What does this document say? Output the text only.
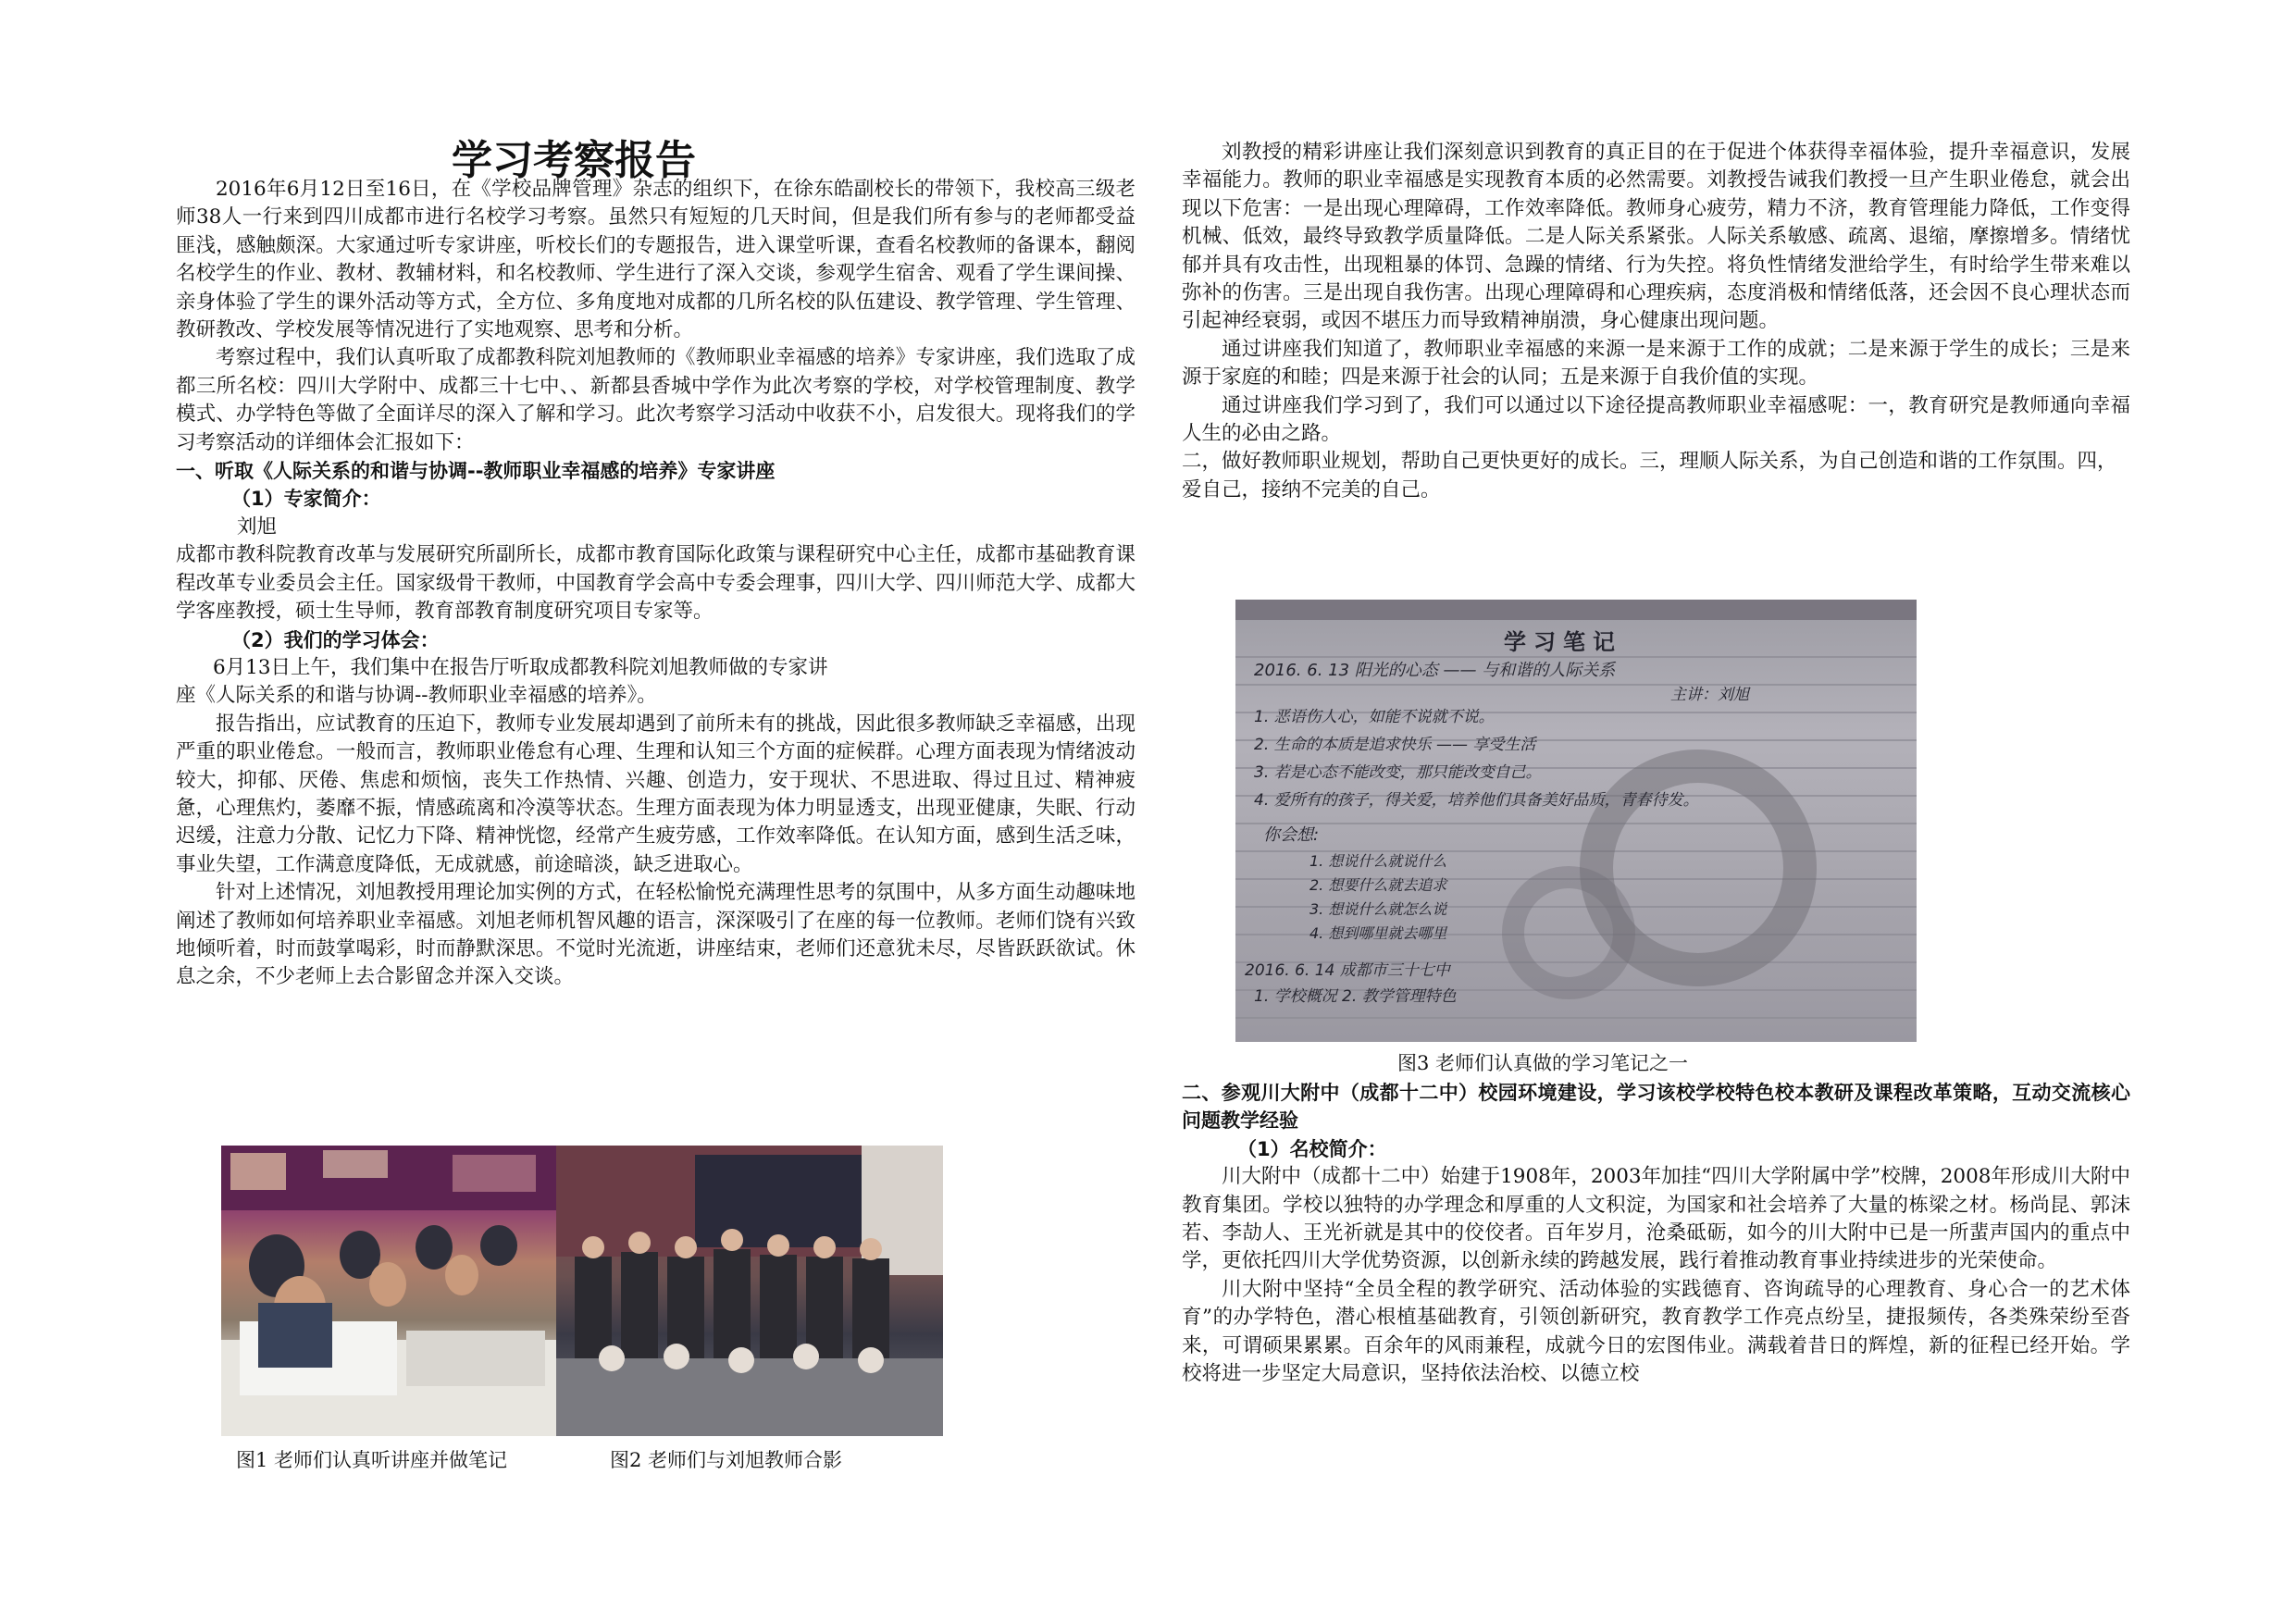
学习考察报告

2016年6月12日至16日，在《学校品牌管理》杂志的组织下，在徐东皓副校长的带领下，我校高三级老师38人一行来到四川成都市进行名校学习考察。虽然只有短短的几天时间，但是我们所有参与的老师都受益匪浅，感触颇深。大家通过听专家讲座，听校长们的专题报告，进入课堂听课，查看名校教师的备课本，翻阅名校学生的作业、教材、教辅材料，和名校教师、学生进行了深入交谈，参观学生宿舍、观看了学生课间操、亲身体验了学生的课外活动等方式，全方位、多角度地对成都的几所名校的队伍建设、教学管理、学生管理、教研教改、学校发展等情况进行了实地观察、思考和分析。

考察过程中，我们认真听取了成都教科院刘旭教师的《教师职业幸福感的培养》专家讲座，我们选取了成都三所名校：四川大学附中、成都三十七中、、新都县香城中学作为此次考察的学校，对学校管理制度、教学模式、办学特色等做了全面详尽的深入了解和学习。此次考察学习活动中收获不小，启发很大。现将我们的学习考察活动的详细体会汇报如下：

一、听取《人际关系的和谐与协调--教师职业幸福感的培养》专家讲座

（1）专家简介：

刘旭

成都市教科院教育改革与发展研究所副所长，成都市教育国际化政策与课程研究中心主任，成都市基础教育课程改革专业委员会主任。国家级骨干教师，中国教育学会高中专委会理事，四川大学、四川师范大学、成都大学客座教授，硕士生导师，教育部教育制度研究项目专家等。

（2）我们的学习体会：

6月13日上午，我们集中在报告厅听取成都教科院刘旭教师做的专家讲

座《人际关系的和谐与协调--教师职业幸福感的培养》。

报告指出，应试教育的压迫下，教师专业发展却遇到了前所未有的挑战，因此很多教师缺乏幸福感，出现严重的职业倦怠。一般而言，教师职业倦怠有心理、生理和认知三个方面的症候群。心理方面表现为情绪波动较大，抑郁、厌倦、焦虑和烦恼，丧失工作热情、兴趣、创造力，安于现状、不思进取、得过且过、精神疲惫，心理焦灼，萎靡不振，情感疏离和冷漠等状态。生理方面表现为体力明显透支，出现亚健康，失眠、行动迟缓，注意力分散、记忆力下降、精神恍惚，经常产生疲劳感，工作效率降低。在认知方面，感到生活乏味，事业失望，工作满意度降低，无成就感，前途暗淡，缺乏进取心。

针对上述情况，刘旭教授用理论加实例的方式，在轻松愉悦充满理性思考的氛围中，从多方面生动趣味地阐述了教师如何培养职业幸福感。刘旭老师机智风趣的语言，深深吸引了在座的每一位教师。老师们饶有兴致地倾听着，时而鼓掌喝彩，时而静默深思。不觉时光流逝，讲座结束，老师们还意犹未尽，尽皆跃跃欲试。休息之余，不少老师上去合影留念并深入交谈。

图1 老师们认真听讲座并做笔记	图2 老师们与刘旭教师合影

刘教授的精彩讲座让我们深刻意识到教育的真正目的在于促进个体获得幸福体验，提升幸福意识，发展幸福能力。教师的职业幸福感是实现教育本质的必然需要。刘教授告诫我们教授一旦产生职业倦怠，就会出现以下危害：一是出现心理障碍，工作效率降低。教师身心疲劳，精力不济，教育管理能力降低，工作变得机械、低效，最终导致教学质量降低。二是人际关系紧张。人际关系敏感、疏离、退缩，摩擦增多。情绪忧郁并具有攻击性，出现粗暴的体罚、急躁的情绪、行为失控。将负性情绪发泄给学生，有时给学生带来难以弥补的伤害。三是出现自我伤害。出现心理障碍和心理疾病，态度消极和情绪低落，还会因不良心理状态而引起神经衰弱，或因不堪压力而导致精神崩溃，身心健康出现问题。

通过讲座我们知道了，教师职业幸福感的来源一是来源于工作的成就；二是来源于学生的成长；三是来源于家庭的和睦；四是来源于社会的认同；五是来源于自我价值的实现。

通过讲座我们学习到了，我们可以通过以下途径提高教师职业幸福感呢：一，教育研究是教师通向幸福人生的必由之路。

二，做好教师职业规划，帮助自己更快更好的成长。三，理顺人际关系，为自己创造和谐的工作氛围。四，

爱自己，接纳不完美的自己。

学习笔记
2016. 6. 13 阳光的心态 —— 与和谐的人际关系
主讲：刘旭
1. 恶语伤人心，如能不说就不说。
2. 生命的本质是追求快乐 —— 享受生活
3. 若是心态不能改变，那只能改变自己。
4. 爱所有的孩子，得关爱，培养他们具备美好品质，青春待发。
你会想:
1. 想说什么就说什么
2. 想要什么就去追求
3. 想说什么就怎么说
4. 想到哪里就去哪里
2016. 6. 14 成都市三十七中
1. 学校概况 2. 教学管理特色
图3 老师们认真做的学习笔记之一

二、参观川大附中（成都十二中）校园环境建设，学习该校学校特色校本教研及课程改革策略，互动交流核心问题教学经验

（1）名校简介：

川大附中（成都十二中）始建于1908年，2003年加挂“四川大学附属中学”校牌，2008年形成川大附中教育集团。学校以独特的办学理念和厚重的人文积淀，为国家和社会培养了大量的栋梁之材。杨尚昆、郭沫若、李劼人、王光祈就是其中的佼佼者。百年岁月，沧桑砥砺，如今的川大附中已是一所蜚声国内的重点中学，更依托四川大学优势资源，以创新永续的跨越发展，践行着推动教育事业持续进步的光荣使命。

川大附中坚持“全员全程的教学研究、活动体验的实践德育、咨询疏导的心理教育、身心合一的艺术体育”的办学特色，潜心根植基础教育，引领创新研究，教育教学工作亮点纷呈，捷报频传，各类殊荣纷至沓来，可谓硕果累累。百余年的风雨兼程，成就今日的宏图伟业。满载着昔日的辉煌，新的征程已经开始。学校将进一步坚定大局意识，坚持依法治校、以德立校
